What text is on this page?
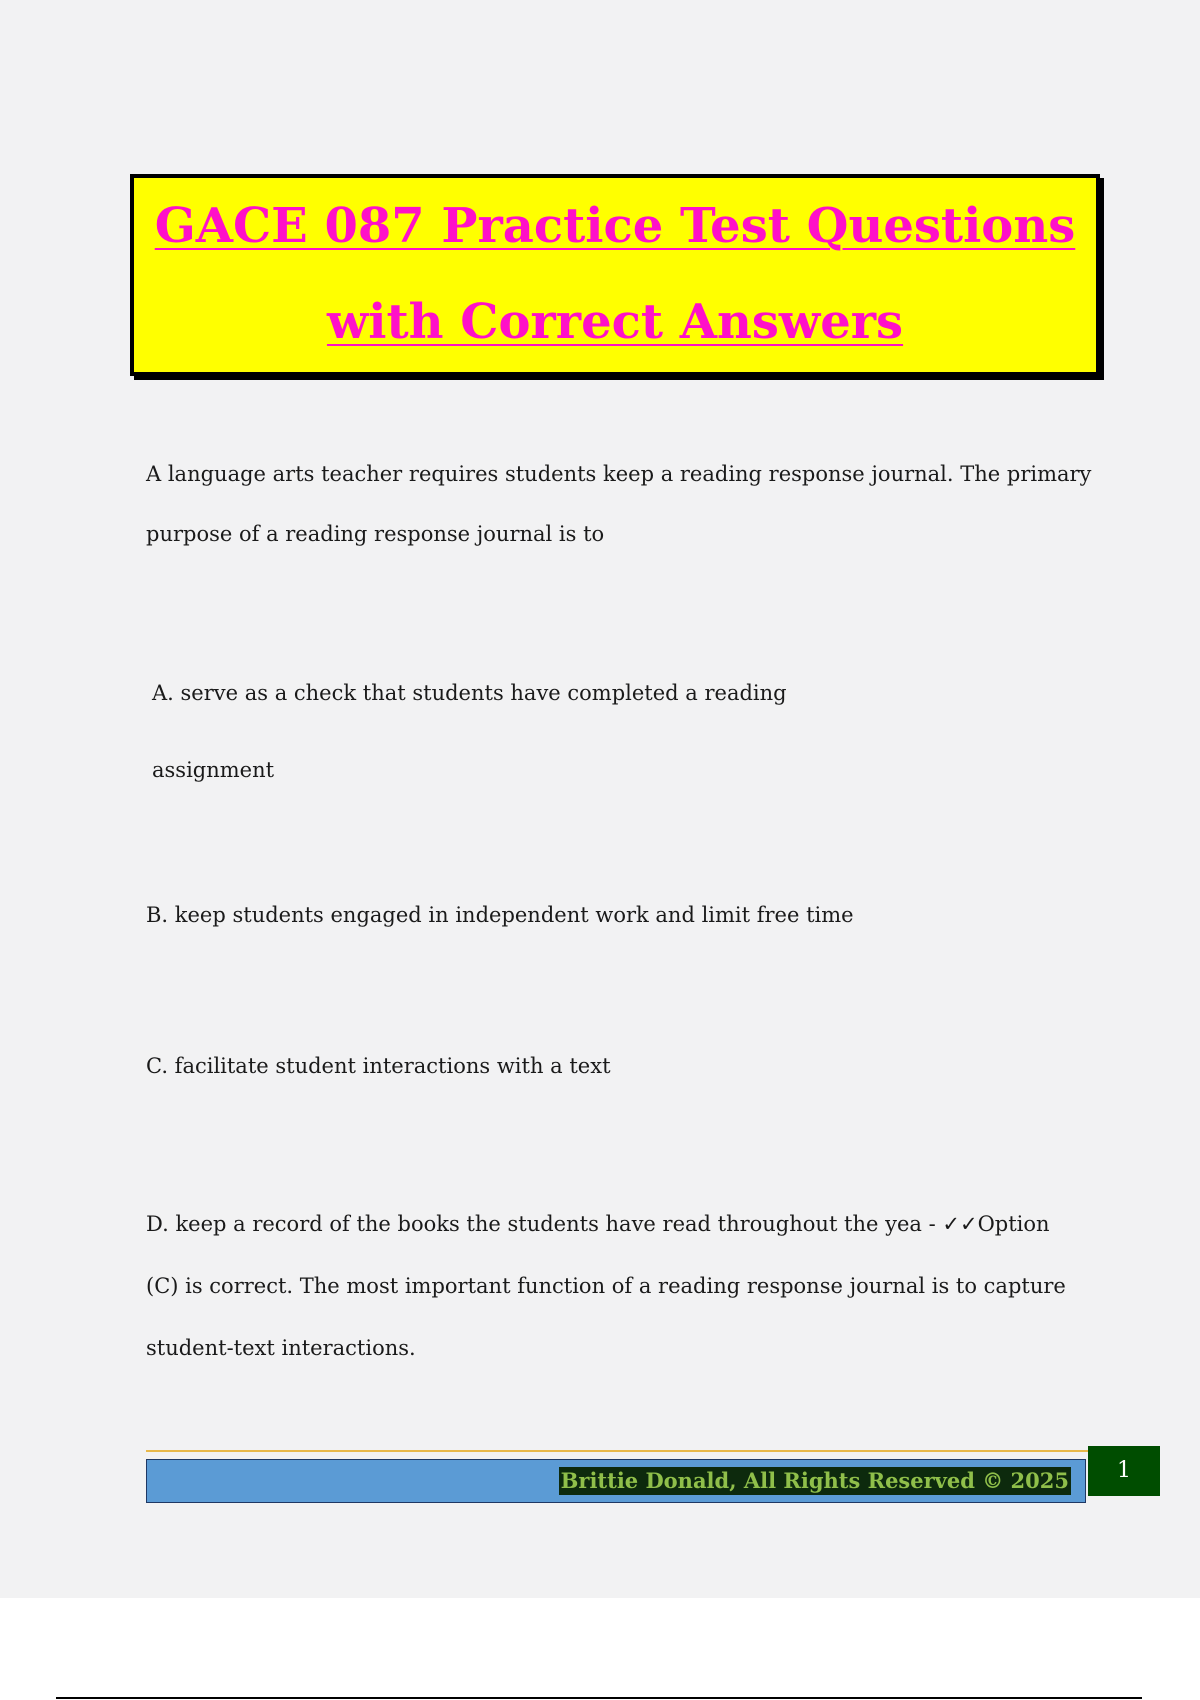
GACE 087 Practice Test Questions
with Correct Answers
A language arts teacher requires students keep a reading response journal. The primary
purpose of a reading response journal is to
A. serve as a check that students have completed a reading
assignment
B. keep students engaged in independent work and limit free time
C. facilitate student interactions with a text
D. keep a record of the books the students have read throughout the yea - ✓✓Option
(C) is correct. The most important function of a reading response journal is to capture
student-text interactions.
Brittie Donald, All Rights Reserved © 2025	1
